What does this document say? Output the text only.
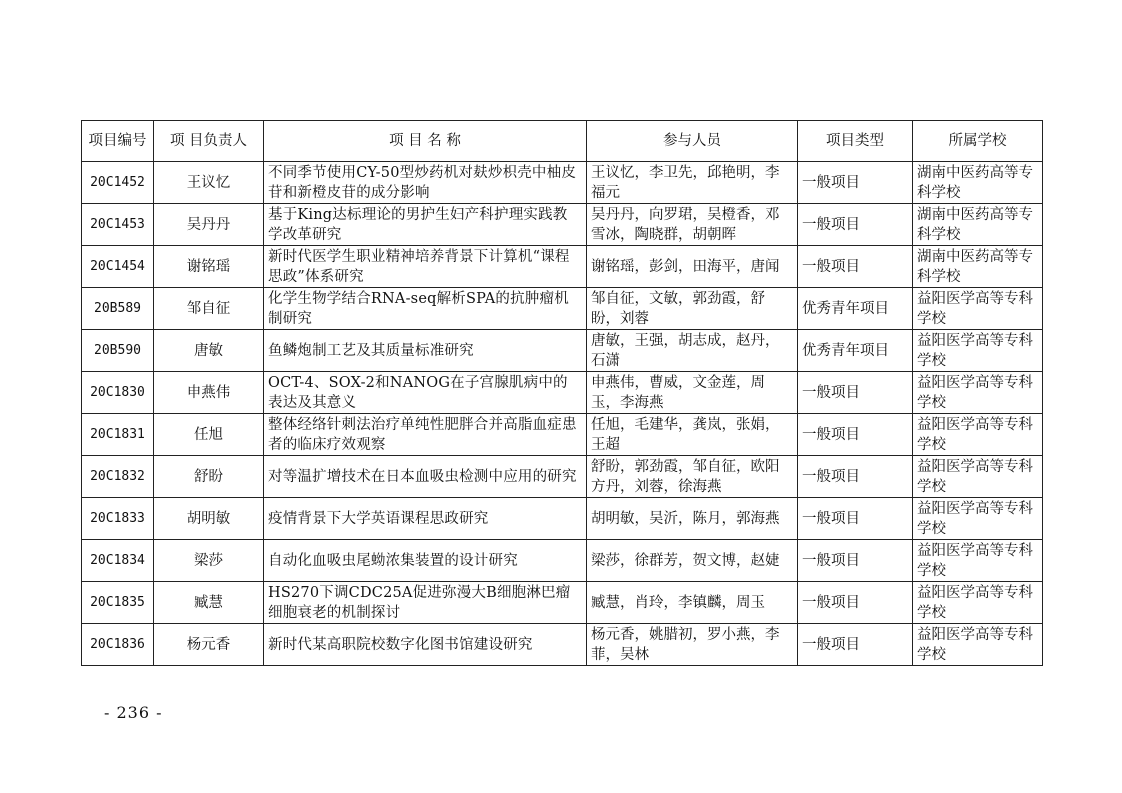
项目编号	项 目负责人	项 目 名 称	参与人员	项目类型	所属学校
20C1452	王议忆	不同季节使用CY-50型炒药机对麸炒枳壳中柚皮苷和新橙皮苷的成分影响	王议忆，李卫先，邱艳明，李福元	一般项目	湖南中医药高等专科学校
20C1453	吴丹丹	基于King达标理论的男护生妇产科护理实践教学改革研究	吴丹丹，向罗珺，吴橙香，邓雪冰，陶晓群，胡朝晖	一般项目	湖南中医药高等专科学校
20C1454	谢铭瑶	新时代医学生职业精神培养背景下计算机“课程思政”体系研究	谢铭瑶，彭剑，田海平，唐闻	一般项目	湖南中医药高等专科学校
20B589	邹自征	化学生物学结合RNA-seq解析SPA的抗肿瘤机制研究	邹自征，文敏，郭劲霞，舒盼，刘蓉	优秀青年项目	益阳医学高等专科学校
20B590	唐敏	鱼鳞炮制工艺及其质量标准研究	唐敏，王强，胡志成，赵丹，石潇	优秀青年项目	益阳医学高等专科学校
20C1830	申燕伟	OCT-4、SOX-2和NANOG在子宫腺肌病中的表达及其意义	申燕伟，曹威，文金莲，周玉，李海燕	一般项目	益阳医学高等专科学校
20C1831	任旭	整体经络针刺法治疗单纯性肥胖合并高脂血症患者的临床疗效观察	任旭，毛建华，龚岚，张娟，王超	一般项目	益阳医学高等专科学校
20C1832	舒盼	对等温扩增技术在日本血吸虫检测中应用的研究	舒盼，郭劲霞，邹自征，欧阳方丹，刘蓉，徐海燕	一般项目	益阳医学高等专科学校
20C1833	胡明敏	疫情背景下大学英语课程思政研究	胡明敏，吴沂，陈月，郭海燕	一般项目	益阳医学高等专科学校
20C1834	梁莎	自动化血吸虫尾蚴浓集装置的设计研究	梁莎，徐群芳，贺文博，赵婕	一般项目	益阳医学高等专科学校
20C1835	臧慧	HS270下调CDC25A促进弥漫大B细胞淋巴瘤细胞衰老的机制探讨	臧慧，肖玲，李镇麟，周玉	一般项目	益阳医学高等专科学校
20C1836	杨元香	新时代某高职院校数字化图书馆建设研究	杨元香，姚腊初，罗小燕，李菲，吴林	一般项目	益阳医学高等专科学校
- 236 -
